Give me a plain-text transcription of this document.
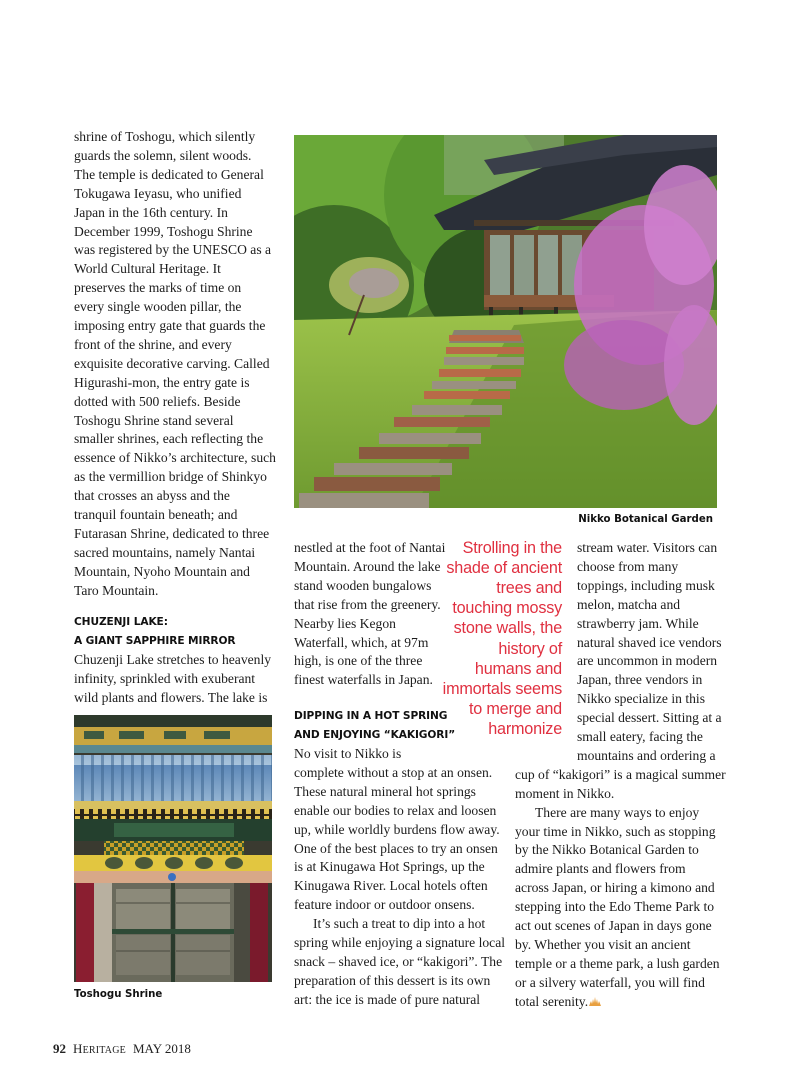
shrine of Toshogu, which silently
guards the solemn, silent woods.
The temple is dedicated to General
Tokugawa Ieyasu, who unified
Japan in the 16th century. In
December 1999, Toshogu Shrine
was registered by the UNESCO as a
World Cultural Heritage. It
preserves the marks of time on
every single wooden pillar, the
imposing entry gate that guards the
front of the shrine, and every
exquisite decorative carving. Called
Higurashi-mon, the entry gate is
dotted with 500 reliefs. Beside
Toshogu Shrine stand several
smaller shrines, each reflecting the
essence of Nikko’s architecture, such
as the vermillion bridge of Shinkyo
that crosses an abyss and the
tranquil fountain beneath; and
Futarasan Shrine, dedicated to three
sacred mountains, namely Nantai
Mountain, Nyoho Mountain and
Taro Mountain.
CHUZENJI LAKE:
A GIANT SAPPHIRE MIRROR
Chuzenji Lake stretches to heavenly
infinity, sprinkled with exuberant
wild plants and flowers. The lake is
Toshogu Shrine
Nikko Botanical Garden
nestled at the foot of Nantai
Mountain. Around the lake
stand wooden bungalows
that rise from the greenery.
Nearby lies Kegon
Waterfall, which, at 97m
high, is one of the three
finest waterfalls in Japan.
DIPPING IN A HOT SPRING
AND ENJOYING “KAKIGORI”
No visit to Nikko is
complete without a stop at an onsen.
These natural mineral hot springs
enable our bodies to relax and loosen
up, while worldly burdens flow away.
One of the best places to try an onsen
is at Kinugawa Hot Springs, up the
Kinugawa River. Local hotels often
feature indoor or outdoor onsens.
It’s such a treat to dip into a hot
spring while enjoying a signature local
snack – shaved ice, or “kakigori”. The
preparation of this dessert is its own
art: the ice is made of pure natural
Strolling in the
shade of ancient
trees and
touching mossy
stone walls, the
history of
humans and
immortals seems
to merge and
harmonize
stream water. Visitors can
choose from many
toppings, including musk
melon, matcha and
strawberry jam. While
natural shaved ice vendors
are uncommon in modern
Japan, three vendors in
Nikko specialize in this
special dessert. Sitting at a
small eatery, facing the
mountains and ordering a
cup of “kakigori” is a magical summer
moment in Nikko.
There are many ways to enjoy
your time in Nikko, such as stopping
by the Nikko Botanical Garden to
admire plants and flowers from
across Japan, or hiring a kimono and
stepping into the Edo Theme Park to
act out scenes of Japan in days gone
by. Whether you visit an ancient
temple or a theme park, a lush garden
or a silvery waterfall, you will find
total serenity.
92 HERITAGE MAY 2018
